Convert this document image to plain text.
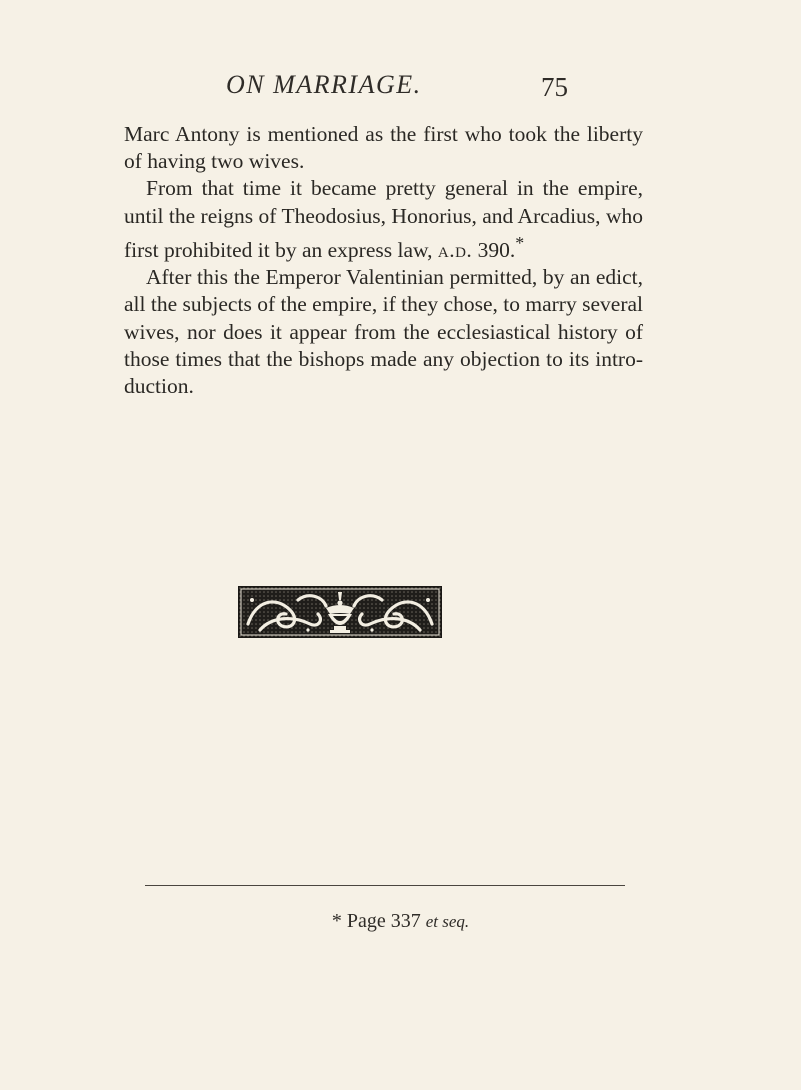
ON MARRIAGE.	75

Marc Antony is mentioned as the first who took the liberty of having two wives.

From that time it became pretty general in the empire, until the reigns of Theodosius, Honorius, and Arcadius, who first prohibited it by an express law, a.d. 390.*

After this the Emperor Valentinian permitted, by an edict, all the subjects of the empire, if they chose, to marry several wives, nor does it appear from the ecclesiastical history of those times that the bishops made any objection to its intro- duction.

* Page 337 et seq.
